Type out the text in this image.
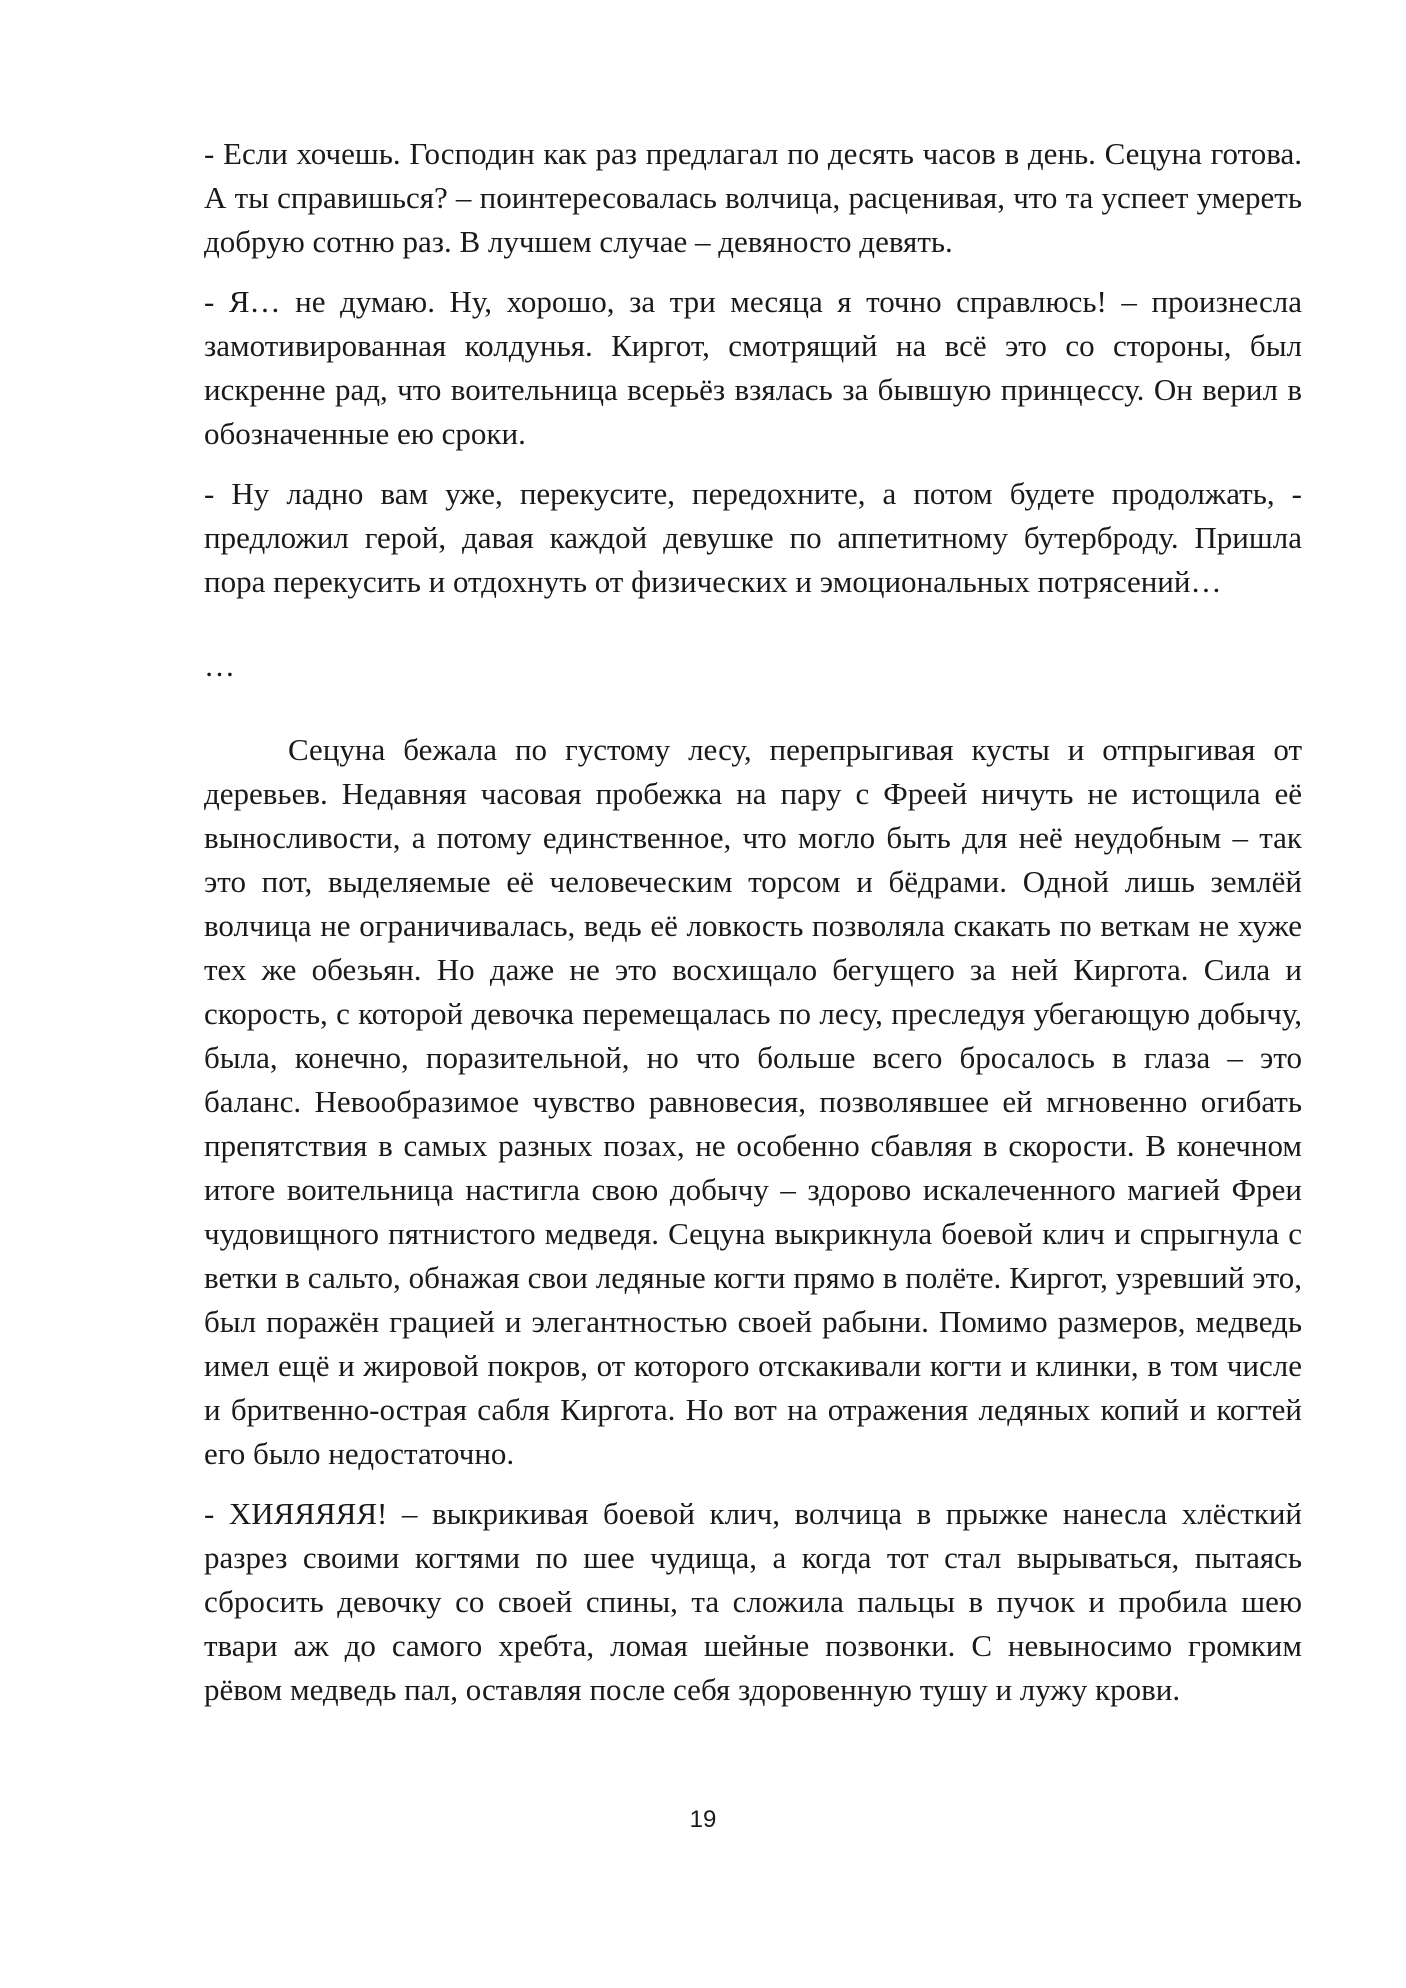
- Если хочешь. Господин как раз предлагал по десять часов в день. Сецуна готова. А ты справишься? – поинтересовалась волчица, расценивая, что та успеет умереть добрую сотню раз. В лучшем случае – девяносто девять.

- Я… не думаю. Ну, хорошо, за три месяца я точно справлюсь! – произнесла замотивированная колдунья. Киргот, смотрящий на всё это со стороны, был искренне рад, что воительница всерьёз взялась за бывшую принцессу. Он верил в обозначенные ею сроки.

- Ну ладно вам уже, перекусите, передохните, а потом будете продолжать, - предложил герой, давая каждой девушке по аппетитному бутерброду. Пришла пора перекусить и отдохнуть от физических и эмоциональных потрясений…

…

Сецуна бежала по густому лесу, перепрыгивая кусты и отпрыгивая от деревьев. Недавняя часовая пробежка на пару с Фреей ничуть не истощила её выносливости, а потому единственное, что могло быть для неё неудобным – так это пот, выделяемые её человеческим торсом и бёдрами. Одной лишь землёй волчица не ограничивалась, ведь её ловкость позволяла скакать по веткам не хуже тех же обезьян. Но даже не это восхищало бегущего за ней Киргота. Сила и скорость, с которой девочка перемещалась по лесу, преследуя убегающую добычу, была, конечно, поразительной, но что больше всего бросалось в глаза – это баланс. Невообразимое чувство равновесия, позволявшее ей мгновенно огибать препятствия в самых разных позах, не особенно сбавляя в скорости. В конечном итоге воительница настигла свою добычу – здорово искалеченного магией Фреи чудовищного пятнистого медведя. Сецуна выкрикнула боевой клич и спрыгнула с ветки в сальто, обнажая свои ледяные когти прямо в полёте. Киргот, узревший это, был поражён грацией и элегантностью своей рабыни. Помимо размеров, медведь имел ещё и жировой покров, от которого отскакивали когти и клинки, в том числе и бритвенно-острая сабля Киргота. Но вот на отражения ледяных копий и когтей его было недостаточно.

- ХИЯЯЯЯЯ! – выкрикивая боевой клич, волчица в прыжке нанесла хлёсткий разрез своими когтями по шее чудища, а когда тот стал вырываться, пытаясь сбросить девочку со своей спины, та сложила пальцы в пучок и пробила шею твари аж до самого хребта, ломая шейные позвонки. С невыносимо громким рёвом медведь пал, оставляя после себя здоровенную тушу и лужу крови.

19
